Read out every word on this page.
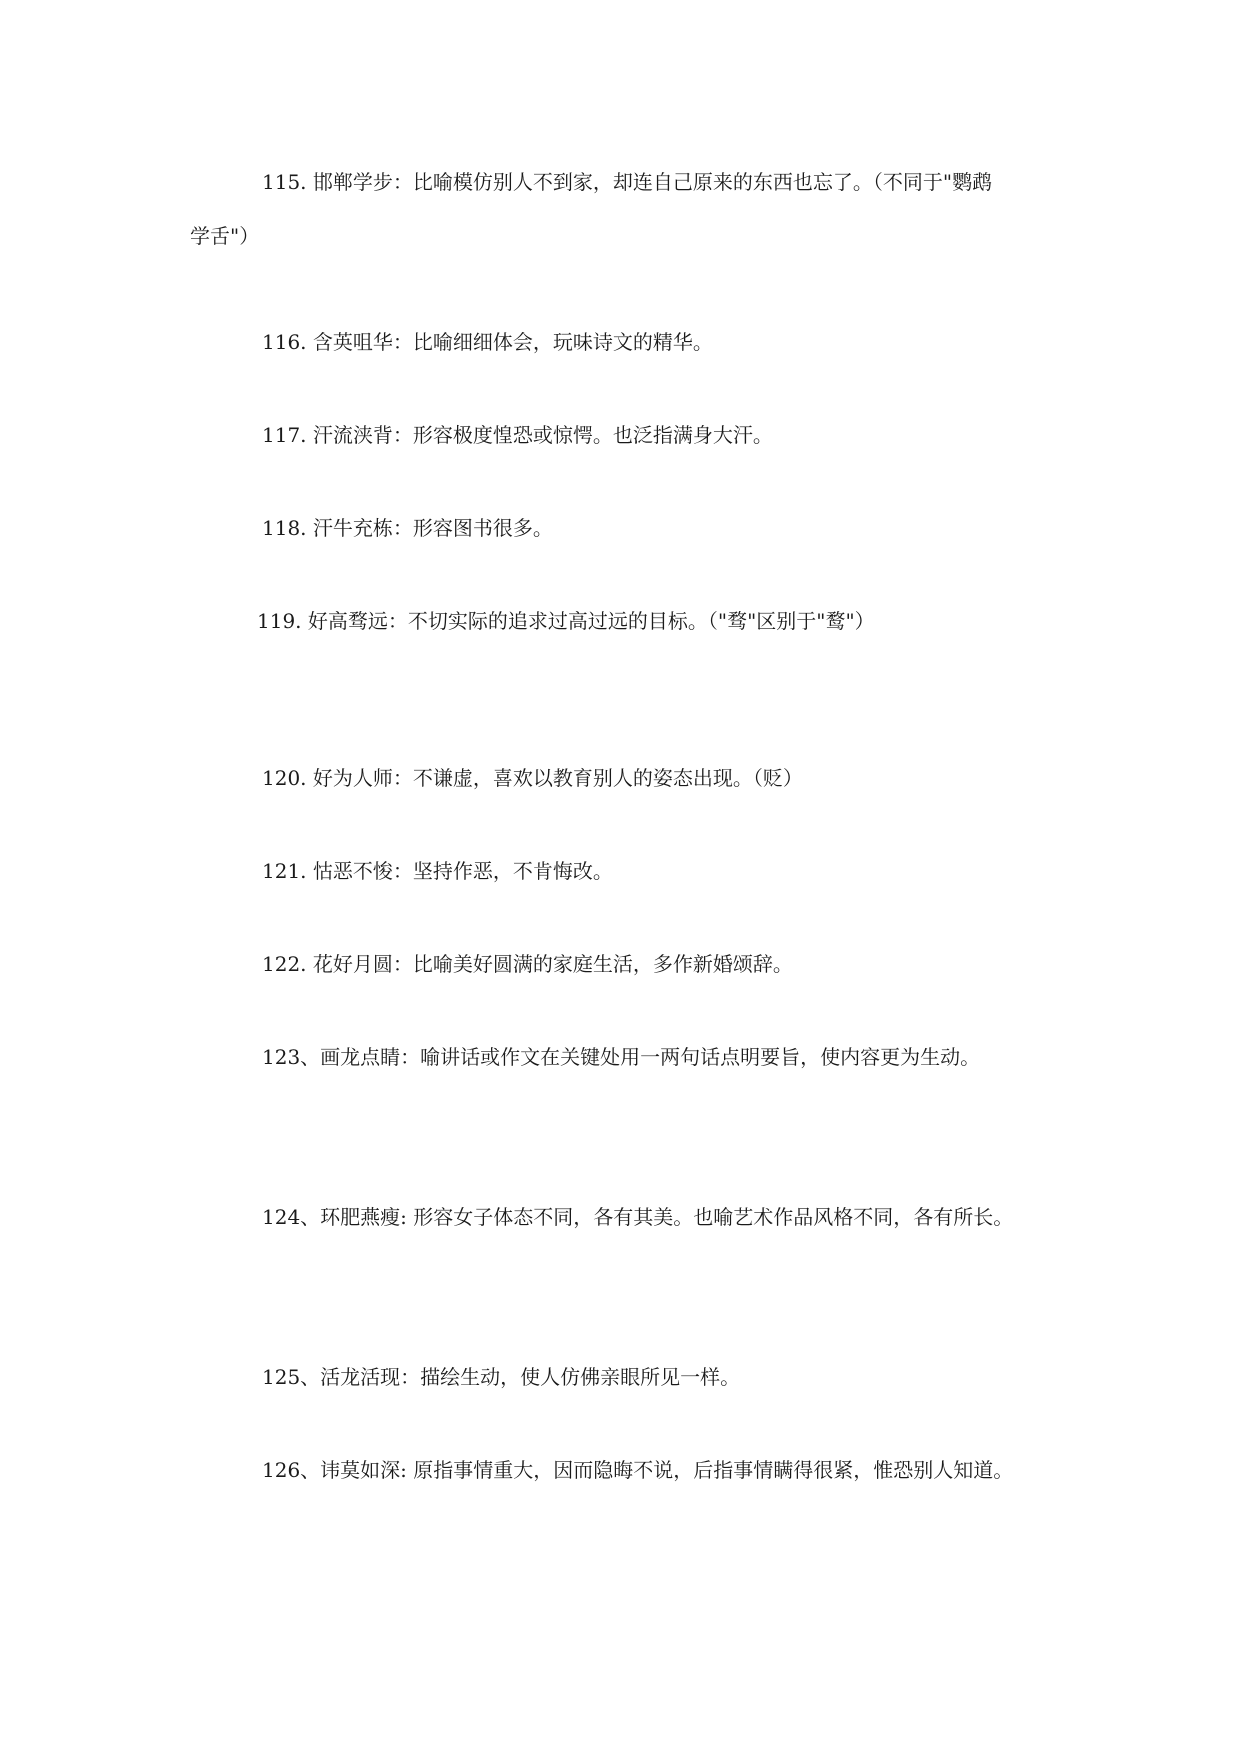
115. 邯郸学步：比喻模仿别人不到家，却连自己原来的东西也忘了。（不同于"鹦鹉
学舌"）
116. 含英咀华：比喻细细体会，玩味诗文的精华。
117. 汗流浃背：形容极度惶恐或惊愕。也泛指满身大汗。
118. 汗牛充栋：形容图书很多。
119. 好高骛远：不切实际的追求过高过远的目标。（"骛"区别于"鹜"）
120. 好为人师：不谦虚，喜欢以教育别人的姿态出现。（贬）
121. 怙恶不悛：坚持作恶，不肯悔改。
122. 花好月圆：比喻美好圆满的家庭生活，多作新婚颂辞。
123、画龙点睛：喻讲话或作文在关键处用一两句话点明要旨，使内容更为生动。
124、环肥燕瘦: 形容女子体态不同，各有其美。也喻艺术作品风格不同，各有所长。
125、活龙活现：描绘生动，使人仿佛亲眼所见一样。
126、讳莫如深: 原指事情重大，因而隐晦不说，后指事情瞒得很紧，惟恐别人知道。
